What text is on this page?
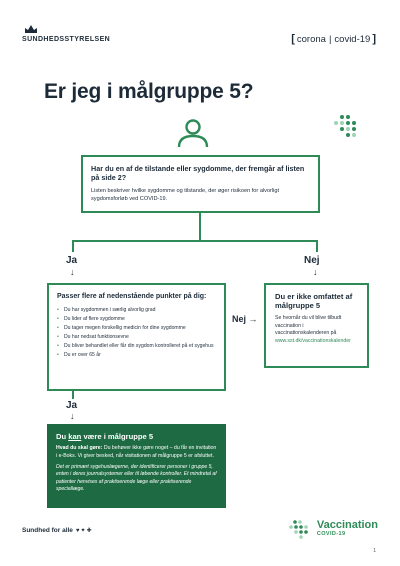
SUNDHEDSSTYRELSEN	[ corona | covid-19 ]
Er jeg i målgruppe 5?
Har du en af de tilstande eller sygdomme, der fremgår af listen på side 2?

Listen beskriver hvilke sygdomme og tilstande, der øger risikoen for alvorligt sygdomsforløb ved COVID-19.

Ja
↓
Nej
↓
Passer flere af nedenstående punkter på dig:
• Du har sygdommen i særlig alvorlig grad
• Du lider af flere sygdomme
• Du tager megen forskellig medicin for dine sygdomme
• Du har nedsat funktionsevne
• Du bliver behandlet eller får din sygdom kontrolleret på et sygehus
• Du er over 65 år
Nej →
Du er ikke omfattet af målgruppe 5

Se hvornår du vil blive tilbudt vaccination i vaccinationskalenderen på www.sst.dk/vaccinationskalender

Ja
↓
Du kan være i målgruppe 5

Hvad du skal gøre: Du behøver ikke gøre noget – du får en invitation i e-Boks. Vi giver besked, når visitationen af målgruppe 5 er afsluttet.

Det er primært sygehuslægerne, der identificerer personer i gruppe 5, enten i deres journalsystemer eller til løbende kontroller. Et mindretal af patienter henvises af praktiserende læge eller praktiserende speciallæge.

Sundhed for alle ♥✦✚	Vaccination
COVID-19
1
